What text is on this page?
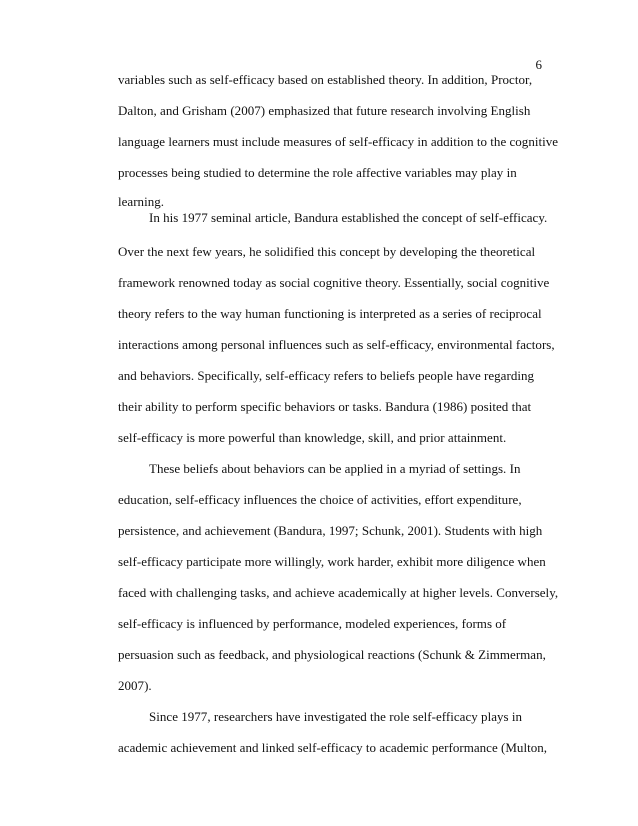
6
variables such as self-efficacy based on established theory. In addition, Proctor,
Dalton, and Grisham (2007) emphasized that future research involving English
language learners must include measures of self-efficacy in addition to the cognitive
processes being studied to determine the role affective variables may play in
learning.
In his 1977 seminal article, Bandura established the concept of self-efficacy.
Over the next few years, he solidified this concept by developing the theoretical
framework renowned today as social cognitive theory. Essentially, social cognitive
theory refers to the way human functioning is interpreted as a series of reciprocal
interactions among personal influences such as self-efficacy, environmental factors,
and behaviors. Specifically, self-efficacy refers to beliefs people have regarding
their ability to perform specific behaviors or tasks. Bandura (1986) posited that
self-efficacy is more powerful than knowledge, skill, and prior attainment.
These beliefs about behaviors can be applied in a myriad of settings. In
education, self-efficacy influences the choice of activities, effort expenditure,
persistence, and achievement (Bandura, 1997; Schunk, 2001). Students with high
self-efficacy participate more willingly, work harder, exhibit more diligence when
faced with challenging tasks, and achieve academically at higher levels. Conversely,
self-efficacy is influenced by performance, modeled experiences, forms of
persuasion such as feedback, and physiological reactions (Schunk & Zimmerman,
2007).
Since 1977, researchers have investigated the role self-efficacy plays in
academic achievement and linked self-efficacy to academic performance (Multon,
